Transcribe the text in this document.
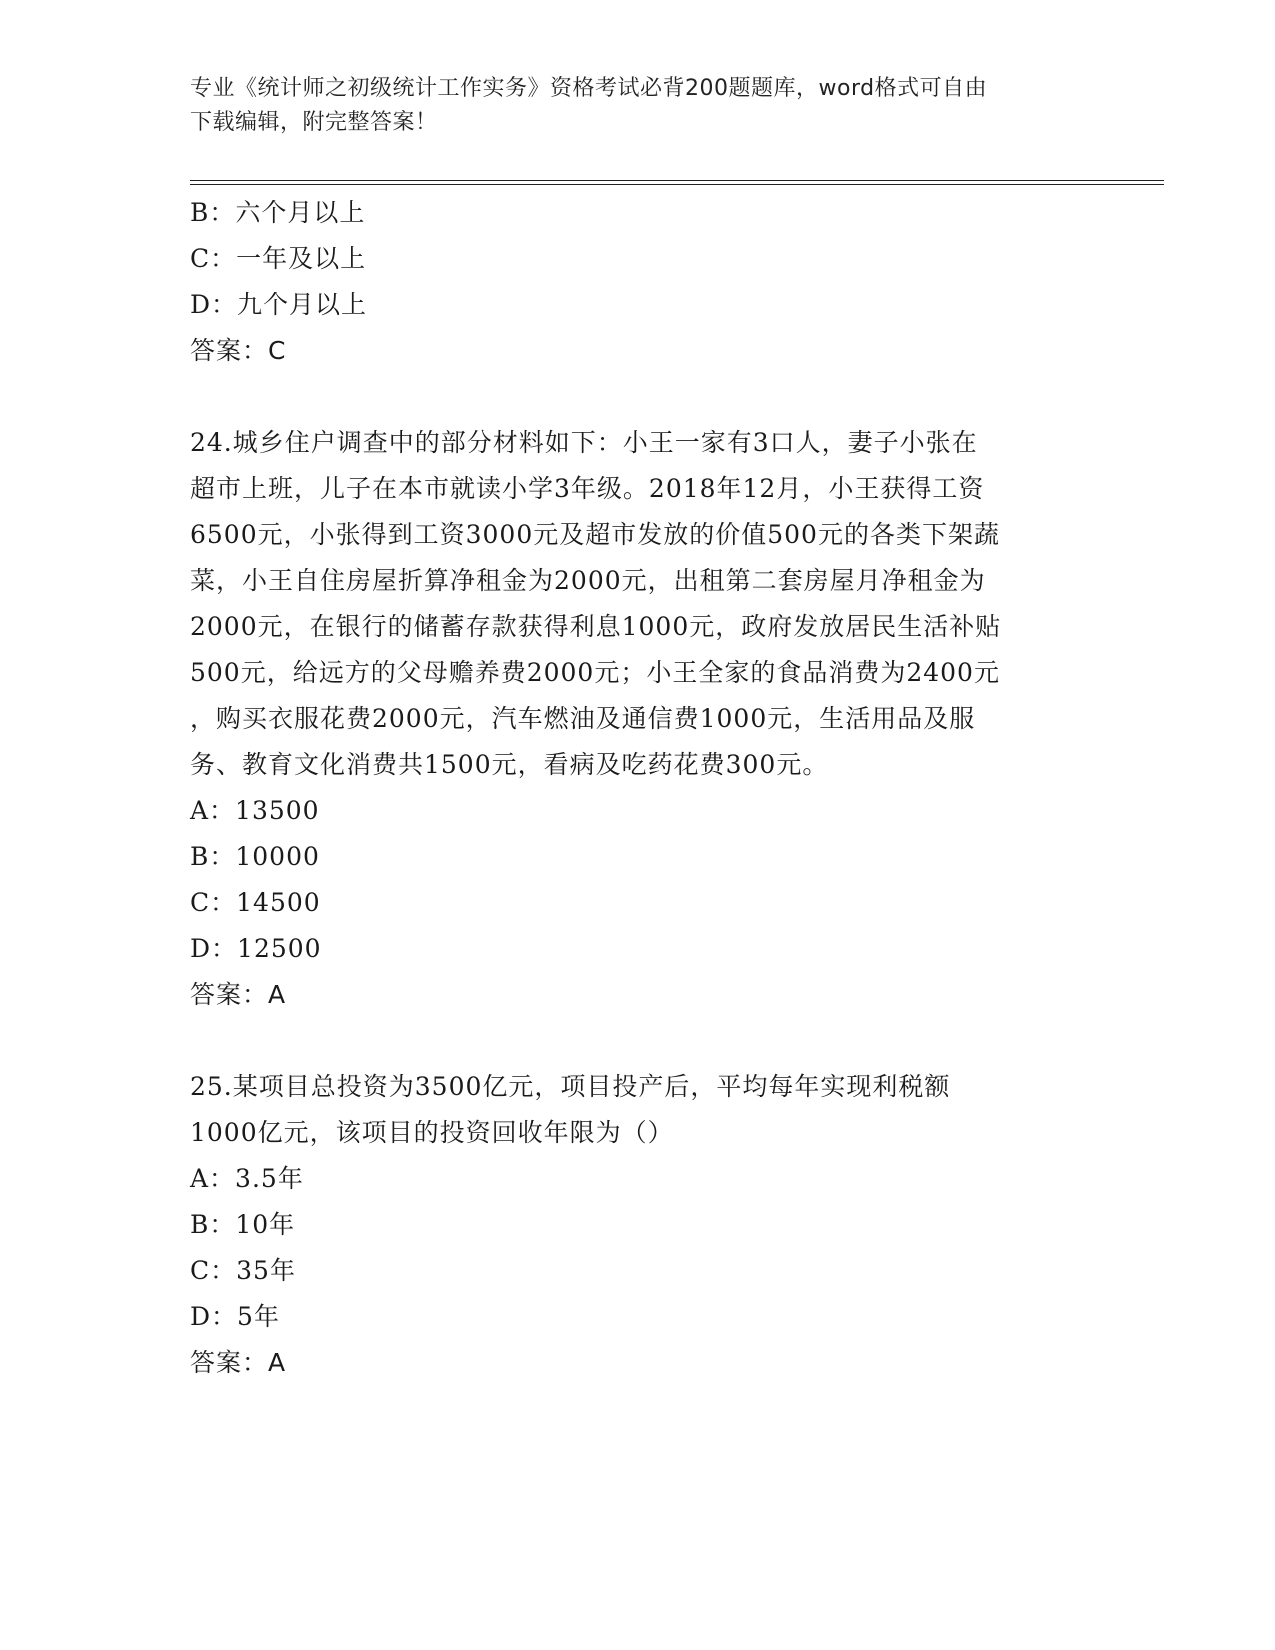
专业《统计师之初级统计工作实务》资格考试必背200题题库，word格式可自由
下载编辑，附完整答案！
B：六个月以上
C：一年及以上
D：九个月以上
答案：C
24.城乡住户调查中的部分材料如下：小王一家有3口人，妻子小张在
超市上班，儿子在本市就读小学3年级。2018年12月，小王获得工资
6500元，小张得到工资3000元及超市发放的价值500元的各类下架蔬
菜，小王自住房屋折算净租金为2000元，出租第二套房屋月净租金为
2000元，在银行的储蓄存款获得利息1000元，政府发放居民生活补贴
500元，给远方的父母赡养费2000元；小王全家的食品消费为2400元
，购买衣服花费2000元，汽车燃油及通信费1000元，生活用品及服
务、教育文化消费共1500元，看病及吃药花费300元。
A：13500
B：10000
C：14500
D：12500
答案：A
25.某项目总投资为3500亿元，项目投产后，平均每年实现利税额
1000亿元，该项目的投资回收年限为（）
A：3.5年
B：10年
C：35年
D：5年
答案：A
